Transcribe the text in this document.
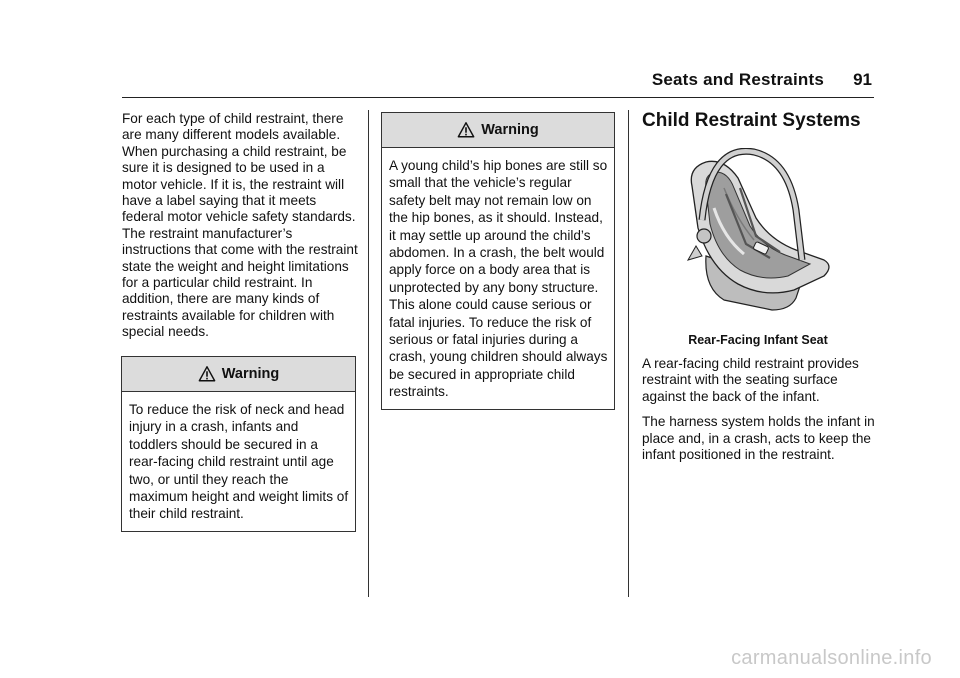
Seats and Restraints 91

For each type of child restraint, there are many different models available. When purchasing a child restraint, be sure it is designed to be used in a motor vehicle. If it is, the restraint will have a label saying that it meets federal motor vehicle safety standards. The restraint manufacturer’s instructions that come with the restraint state the weight and height limitations for a particular child restraint. In addition, there are many kinds of restraints available for children with special needs.

Warning
To reduce the risk of neck and head injury in a crash, infants and toddlers should be secured in a rear-facing child restraint until age two, or until they reach the maximum height and weight limits of their child restraint.
Warning
A young child’s hip bones are still so small that the vehicle’s regular safety belt may not remain low on the hip bones, as it should. Instead, it may settle up around the child’s abdomen. In a crash, the belt would apply force on a body area that is unprotected by any bony structure. This alone could cause serious or fatal injuries. To reduce the risk of serious or fatal injuries during a crash, young children should always be secured in appropriate child restraints.

Child Restraint Systems

Rear-Facing Infant Seat

A rear-facing child restraint provides restraint with the seating surface against the back of the infant.

The harness system holds the infant in place and, in a crash, acts to keep the infant positioned in the restraint.

carmanualsonline.info
